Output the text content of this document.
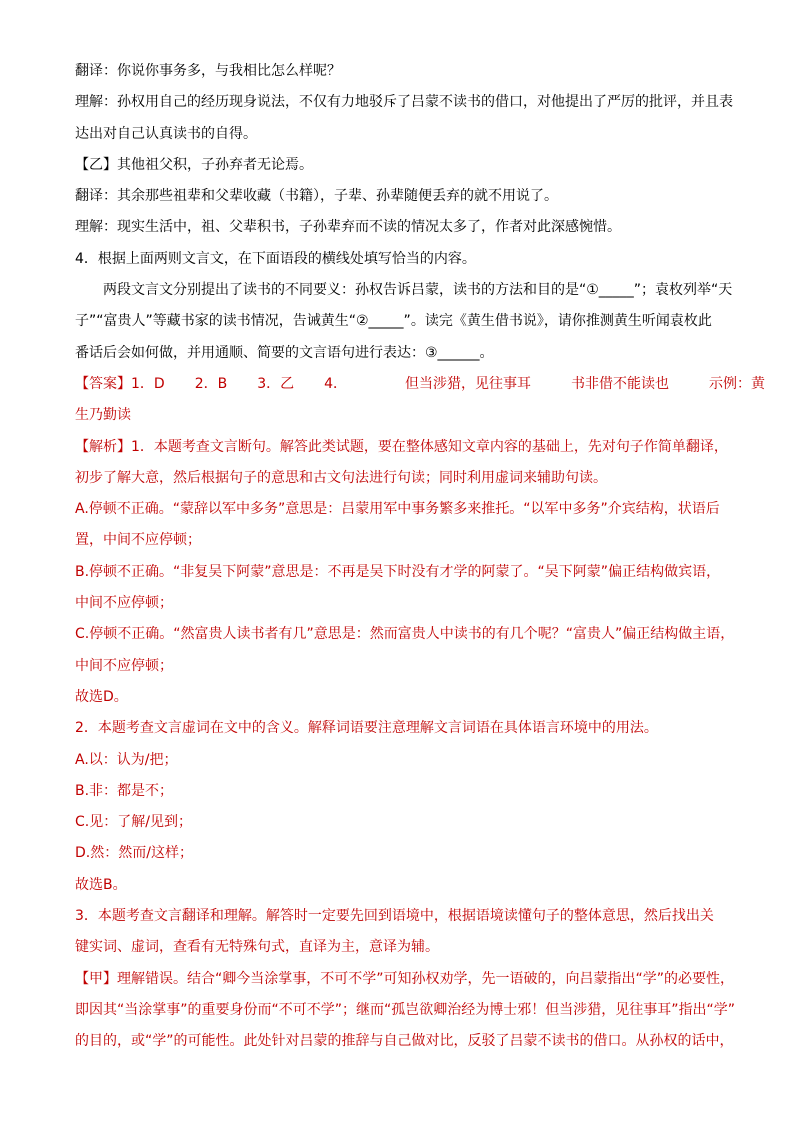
翻译：你说你事务多，与我相比怎么样呢？
理解：孙权用自己的经历现身说法，不仅有力地驳斥了吕蒙不读书的借口，对他提出了严厉的批评，并且表
达出对自己认真读书的自得。
【乙】其他祖父积，子孙弃者无论焉。
翻译：其余那些祖辈和父辈收藏（书籍），子辈、孙辈随便丢弃的就不用说了。
理解：现实生活中，祖、父辈积书，子孙辈弃而不读的情况太多了，作者对此深感惋惜。
4．根据上面两则文言文，在下面语段的横线处填写恰当的内容。
两段文言文分别提出了读书的不同要义：孙权告诉吕蒙，读书的方法和目的是“①_____”；袁枚列举“天
子”“富贵人”等藏书家的读书情况，告诫黄生“②_____”。读完《黄生借书说》，请你推测黄生听闻袁枚此
番话后会如何做，并用通顺、简要的文言语句进行表达：③______。
【答案】1．D 2．B 3．乙 4．	但当涉猎，见往事耳	书非借不能读也	示例：黄
生乃勤读
【解析】1．本题考查文言断句。解答此类试题，要在整体感知文章内容的基础上，先对句子作简单翻译，
初步了解大意，然后根据句子的意思和古文句法进行句读；同时利用虚词来辅助句读。
A.停顿不正确。“蒙辞以军中多务”意思是：吕蒙用军中事务繁多来推托。“以军中多务”介宾结构，状语后
置，中间不应停顿；
B.停顿不正确。“非复吴下阿蒙”意思是：不再是吴下时没有才学的阿蒙了。“吴下阿蒙”偏正结构做宾语，
中间不应停顿；
C.停顿不正确。“然富贵人读书者有几”意思是：然而富贵人中读书的有几个呢？“富贵人”偏正结构做主语，
中间不应停顿；
故选D。
2．本题考查文言虚词在文中的含义。解释词语要注意理解文言词语在具体语言环境中的用法。
A.以：认为/把；
B.非：都是不；
C.见：了解/见到；
D.然：然而/这样；
故选B。
3．本题考查文言翻译和理解。解答时一定要先回到语境中，根据语境读懂句子的整体意思，然后找出关
键实词、虚词，查看有无特殊句式，直译为主，意译为辅。
【甲】理解错误。结合“卿今当涂掌事，不可不学”可知孙权劝学，先一语破的，向吕蒙指出“学”的必要性，
即因其“当涂掌事”的重要身份而“不可不学”；继而“孤岂欲卿治经为博士邪！但当涉猎，见往事耳”指出“学”
的目的，或“学”的可能性。此处针对吕蒙的推辞与自己做对比，反驳了吕蒙不读书的借口。从孙权的话中，
